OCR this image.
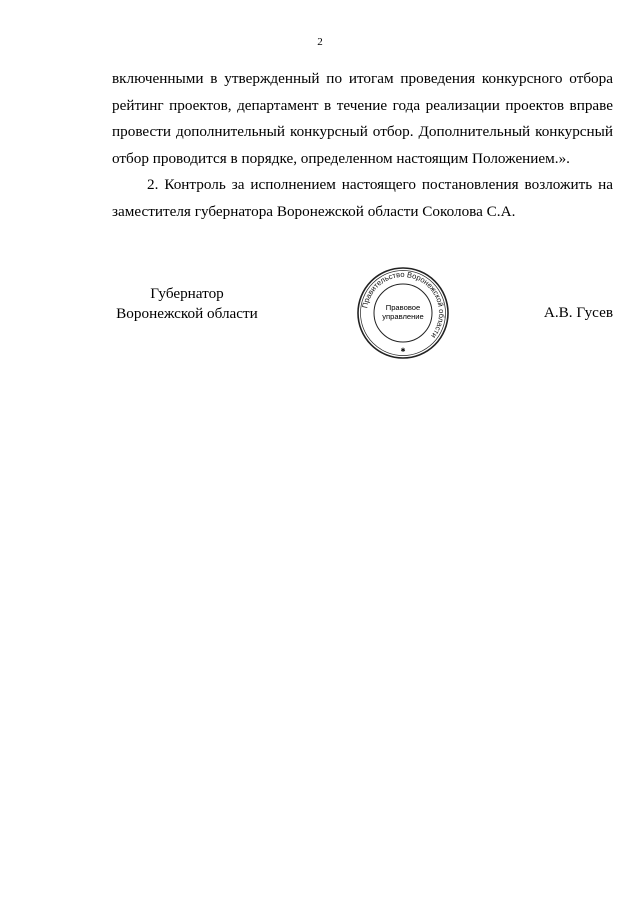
2

включенными в утвержденный по итогам проведения конкурсного отбора рейтинг проектов, департамент в течение года реализации проектов вправе провести дополнительный конкурсный отбор. Дополнительный конкурсный отбор проводится в порядке, определенном настоящим Положением.».

2. Контроль за исполнением настоящего постановления возложить на заместителя губернатора Воронежской области Соколова С.А.

Губернатор
Воронежской области	Правительство Воронежской области
✱
Правовое
управление	А.В. Гусев
